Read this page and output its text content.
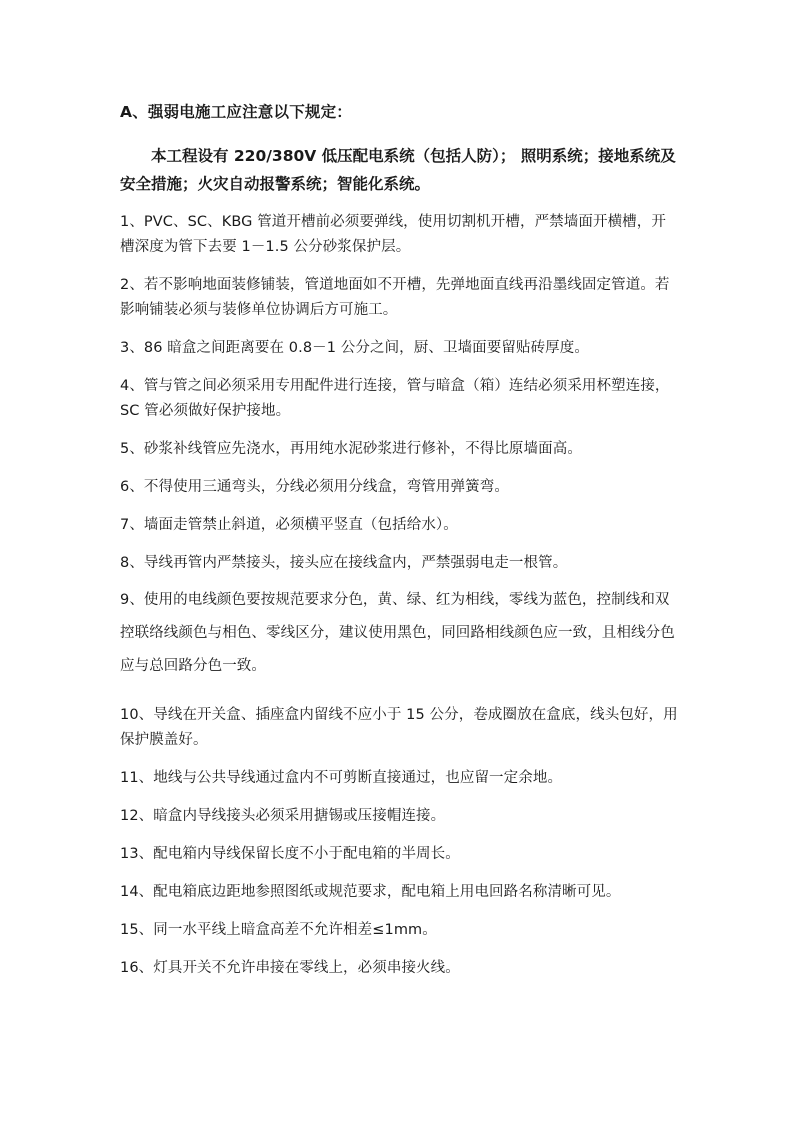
A、强弱电施工应注意以下规定：
本工程设有 220/380V 低压配电系统（包括人防）； 照明系统；接地系统及安全措施；火灾自动报警系统；智能化系统。
1、PVC、SC、KBG 管道开槽前必须要弹线，使用切割机开槽，严禁墙面开横槽，开槽深度为管下去要 1－1.5 公分砂浆保护层。
2、若不影响地面装修铺装，管道地面如不开槽，先弹地面直线再沿墨线固定管道。若影响铺装必须与装修单位协调后方可施工。
3、86 暗盒之间距离要在 0.8－1 公分之间，厨、卫墙面要留贴砖厚度。
4、管与管之间必须采用专用配件进行连接，管与暗盒（箱）连结必须采用杯塑连接，SC 管必须做好保护接地。
5、砂浆补线管应先浇水，再用纯水泥砂浆进行修补，不得比原墙面高。
6、不得使用三通弯头，分线必须用分线盒，弯管用弹簧弯。
7、墙面走管禁止斜道，必须横平竖直（包括给水）。
8、导线再管内严禁接头，接头应在接线盒内，严禁强弱电走一根管。
9、使用的电线颜色要按规范要求分色，黄、绿、红为相线，零线为蓝色，控制线和双控联络线颜色与相色、零线区分，建议使用黑色，同回路相线颜色应一致，且相线分色应与总回路分色一致。
10、导线在开关盒、插座盒内留线不应小于 15 公分，卷成圈放在盒底，线头包好，用保护膜盖好。
11、地线与公共导线通过盒内不可剪断直接通过，也应留一定余地。
12、暗盒内导线接头必须采用搪锡或压接帽连接。
13、配电箱内导线保留长度不小于配电箱的半周长。
14、配电箱底边距地参照图纸或规范要求，配电箱上用电回路名称清晰可见。
15、同一水平线上暗盒高差不允许相差≤1mm。
16、灯具开关不允许串接在零线上，必须串接火线。
